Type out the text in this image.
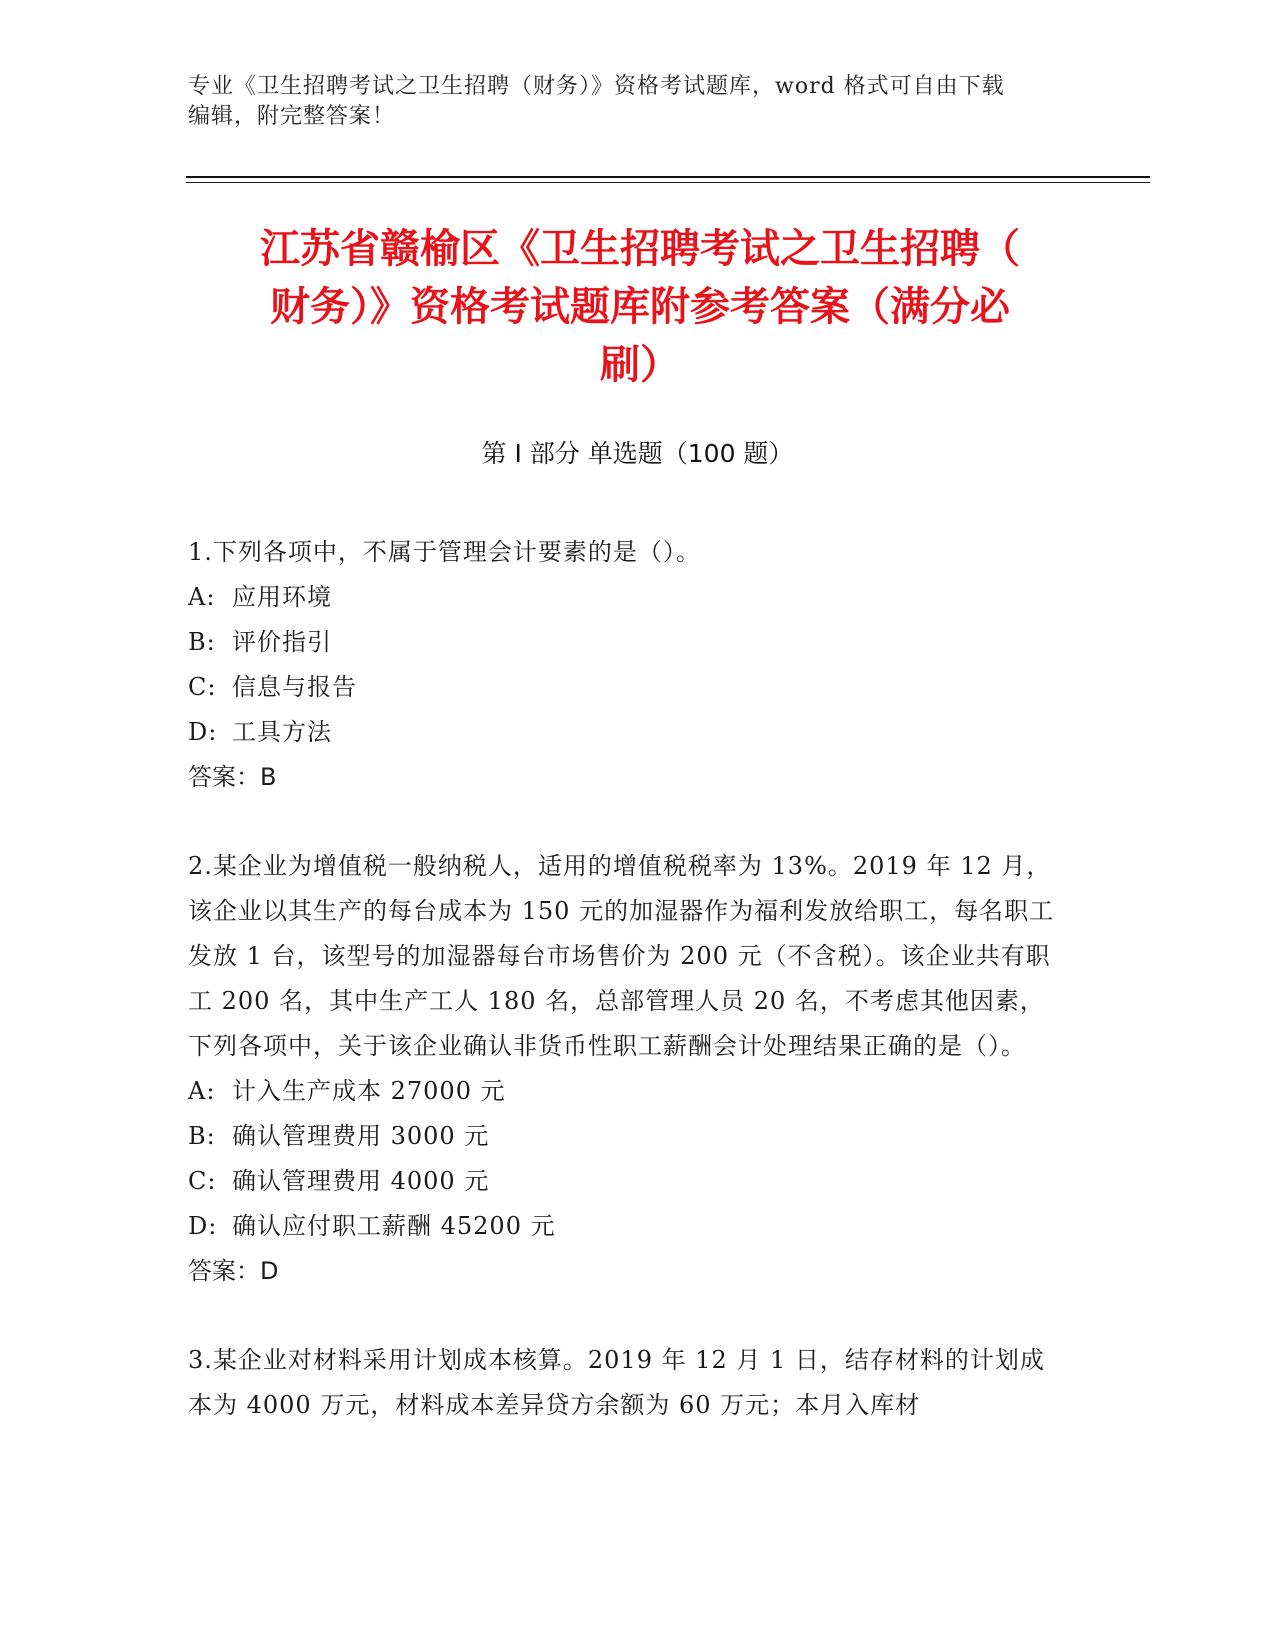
专业《卫生招聘考试之卫生招聘（财务）》资格考试题库，word 格式可自由下载
编辑，附完整答案！
江苏省赣榆区《卫生招聘考试之卫生招聘（
财务）》资格考试题库附参考答案（满分必
刷）
第 I 部分 单选题（100 题）
1.下列各项中，不属于管理会计要素的是（）。
A: 应用环境
B: 评价指引
C: 信息与报告
D: 工具方法
答案：B
2.某企业为增值税一般纳税人，适用的增值税税率为 13%。2019 年 12 月，该企业以其生产的每台成本为 150 元的加湿器作为福利发放给职工，每名职工发放 1 台，该型号的加湿器每台市场售价为 200 元（不含税）。该企业共有职工 200 名，其中生产工人 180 名，总部管理人员 20 名，不考虑其他因素，下列各项中，关于该企业确认非货币性职工薪酬会计处理结果正确的是（）。
A: 计入生产成本 27000 元
B: 确认管理费用 3000 元
C: 确认管理费用 4000 元
D: 确认应付职工薪酬 45200 元
答案：D
3.某企业对材料采用计划成本核算。2019 年 12 月 1 日，结存材料的计划成本为 4000 万元，材料成本差异贷方余额为 60 万元；本月入库材
